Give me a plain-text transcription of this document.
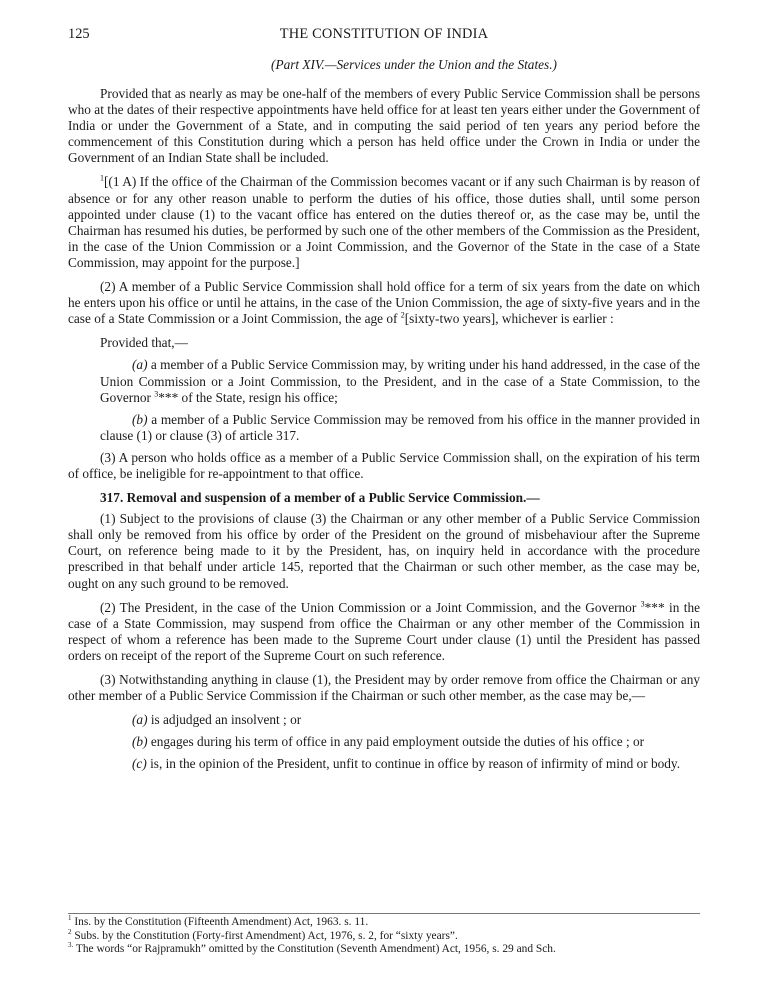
125	THE CONSTITUTION OF INDIA
(Part XIV.—Services under the Union and the States.)

Provided that as nearly as may be one-half of the members of every Public Service Commission shall be persons who at the dates of their respective appointments have held office for at least ten years either under the Government of India or under the Government of a State, and in computing the said period of ten years any period before the commencement of this Constitution during which a person has held office under the Crown in India or under the Government of an Indian State shall be included.

$^1$[(1 A) If the office of the Chairman of the Commission becomes vacant or if any such Chairman is by reason of absence or for any other reason unable to perform the duties of his office, those duties shall, until some person appointed under clause (1) to the vacant office has entered on the duties thereof or, as the case may be, until the Chairman has resumed his duties, be performed by such one of the other members of the Commission as the President, in the case of the Union Commission or a Joint Commission, and the Governor of the State in the case of a State Commission, may appoint for the purpose.]

(2) A member of a Public Service Commission shall hold office for a term of six years from the date on which he enters upon his office or until he attains, in the case of the Union Commission, the age of sixty-five years and in the case of a State Commission or a Joint Commission, the age of $^2$[sixty-two years], whichever is earlier :

Provided that,—

(a) a member of a Public Service Commission may, by writing under his hand addressed, in the case of the Union Commission or a Joint Commission, to the President, and in the case of a State Commission, to the Governor $^3$*** of the State, resign his office;

(b) a member of a Public Service Commission may be removed from his office in the manner provided in clause (1) or clause (3) of article 317.

(3) A person who holds office as a member of a Public Service Commission shall, on the expiration of his term of office, be ineligible for re-appointment to that office.

317. Removal and suspension of a member of a Public Service Commission.—

(1) Subject to the provisions of clause (3) the Chairman or any other member of a Public Service Commission shall only be removed from his office by order of the President on the ground of misbehaviour after the Supreme Court, on reference being made to it by the President, has, on inquiry held in accordance with the procedure prescribed in that behalf under article 145, reported that the Chairman or such other member, as the case may be, ought on any such ground to be removed.

(2) The President, in the case of the Union Commission or a Joint Commission, and the Governor $^3$*** in the case of a State Commission, may suspend from office the Chairman or any other member of the Commission in respect of whom a reference has been made to the Supreme Court under clause (1) until the President has passed orders on receipt of the report of the Supreme Court on such reference.

(3) Notwithstanding anything in clause (1), the President may by order remove from office the Chairman or any other member of a Public Service Commission if the Chairman or such other member, as the case may be,—

(a) is adjudged an insolvent ; or

(b) engages during his term of office in any paid employment outside the duties of his office ; or

(c) is, in the opinion of the President, unfit to continue in office by reason of infirmity of mind or body.

$^1$ Ins. by the Constitution (Fifteenth Amendment) Act, 1963. s. 11.

$^2$ Subs. by the Constitution (Forty-first Amendment) Act, 1976, s. 2, for “sixty years”.

$^{3.}$ The words “or Rajpramukh” omitted by the Constitution (Seventh Amendment) Act, 1956, s. 29 and Sch.
